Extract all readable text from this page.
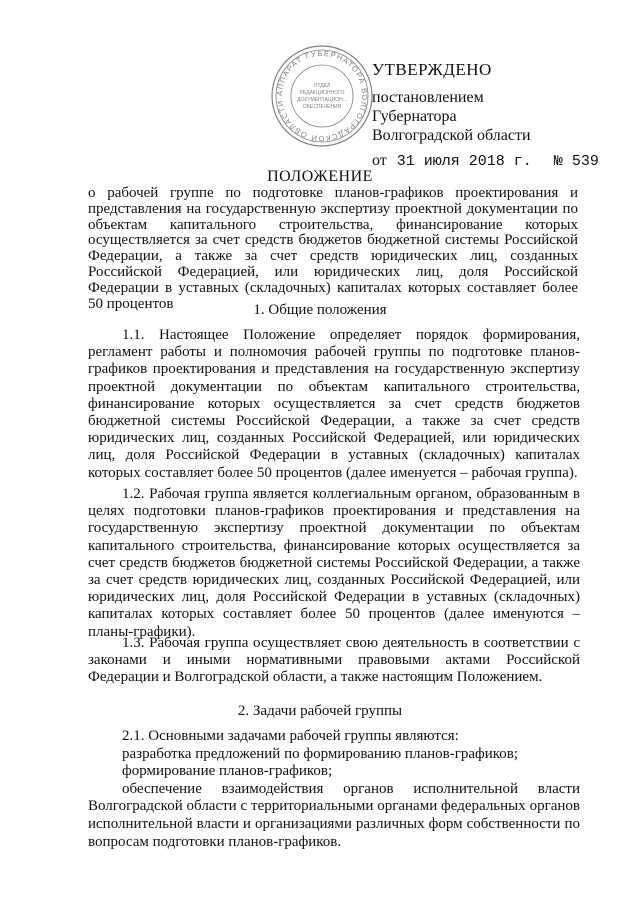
АППАРАТ ГУБЕРНАТОРА ВОЛГОГРАДСКОЙ ОБЛАСТИ
ОТДЕЛ
РЕДАКЦИОННОГО
ДОКУМЕНТАЦИОН...
ОБЕСПЕЧЕНИЯ
УТВЕРЖДЕНО
постановлением
Губернатора
Волгоградской области
от 31 июля 2018 г. № 539
ПОЛОЖЕНИЕ
о рабочей группе по подготовке планов-графиков проектирования и представления на государственную экспертизу проектной документации по объектам капитального строительства, финансирование которых осуществляется за счет средств бюджетов бюджетной системы Российской Федерации, а также за счет средств юридических лиц, созданных Российской Федерацией, или юридических лиц, доля Российской Федерации в уставных (складочных) капиталах которых составляет более 50 процентов	1. Общие положения

1.1. Настоящее Положение определяет порядок формирования, регламент работы и полномочия рабочей группы по подготовке планов-графиков проектирования и представления на государственную экспертизу проектной документации по объектам капитального строительства, финансирование которых осуществляется за счет средств бюджетов бюджетной системы Российской Федерации, а также за счет средств юридических лиц, созданных Российской Федерацией, или юридических лиц, доля Российской Федерации в уставных (складочных) капиталах которых составляет более 50 процентов (далее именуется – рабочая группа).

1.2. Рабочая группа является коллегиальным органом, образованным в целях подготовки планов-графиков проектирования и представления на государственную экспертизу проектной документации по объектам капитального строительства, финансирование которых осуществляется за счет средств бюджетов бюджетной системы Российской Федерации, а также за счет средств юридических лиц, созданных Российской Федерацией, или юридических лиц, доля Российской Федерации в уставных (складочных) капиталах которых составляет более 50 процентов (далее именуются – планы-графики).

1.3. Рабочая группа осуществляет свою деятельность в соответствии с законами и иными нормативными правовыми актами Российской Федерации и Волгоградской области, а также настоящим Положением.

2. Задачи рабочей группы
2.1. Основными задачами рабочей группы являются:
разработка предложений по формированию планов-графиков;
формирование планов-графиков;
обеспечение взаимодействия органов исполнительной власти Волгоградской области с территориальными органами федеральных органов исполнительной власти и организациями различных форм собственности по вопросам подготовки планов-графиков.
